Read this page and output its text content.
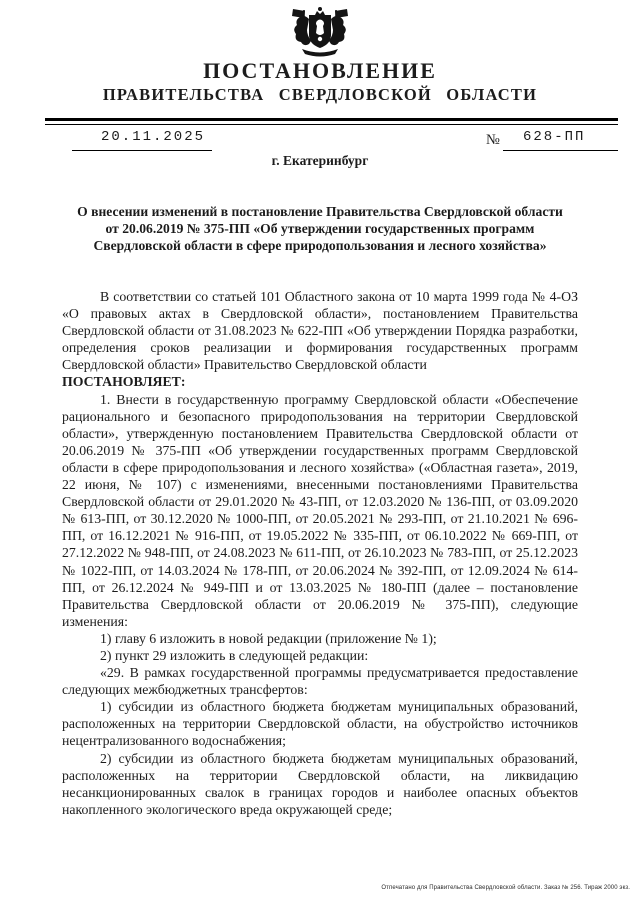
ПОСТАНОВЛЕНИЕ
ПРАВИТЕЛЬСТВА СВЕРДЛОВСКОЙ ОБЛАСТИ
20.11.2025	№ 628-ПП
г. Екатеринбург
О внесении изменений в постановление Правительства Свердловской области
от 20.06.2019 № 375-ПП «Об утверждении государственных программ
Свердловской области в сфере природопользования и лесного хозяйства»

В соответствии со статьей 101 Областного закона от 10 марта 1999 года № 4-ОЗ «О правовых актах в Свердловской области», постановлением Правительства Свердловской области от 31.08.2023 № 622-ПП «Об утверждении Порядка разработки, определения сроков реализации и формирования государственных программ Свердловской области» Правительство Свердловской области

ПОСТАНОВЛЯЕТ:

1. Внести в государственную программу Свердловской области «Обеспечение рационального и безопасного природопользования на территории Свердловской области», утвержденную постановлением Правительства Свердловской области от 20.06.2019 № 375-ПП «Об утверждении государственных программ Свердловской области в сфере природопользования и лесного хозяйства» («Областная газета», 2019, 22 июня, № 107) с изменениями, внесенными постановлениями Правительства Свердловской области от 29.01.2020 № 43-ПП, от 12.03.2020 № 136-ПП, от 03.09.2020 № 613-ПП, от 30.12.2020 № 1000-ПП, от 20.05.2021 № 293-ПП, от 21.10.2021 № 696-ПП, от 16.12.2021 № 916-ПП, от 19.05.2022 № 335-ПП, от 06.10.2022 № 669-ПП, от 27.12.2022 № 948-ПП, от 24.08.2023 № 611-ПП, от 26.10.2023 № 783-ПП, от 25.12.2023 № 1022-ПП, от 14.03.2024 № 178-ПП, от 20.06.2024 № 392-ПП, от 12.09.2024 № 614-ПП, от 26.12.2024 № 949-ПП и от 13.03.2025 № 180-ПП (далее – постановление Правительства Свердловской области от 20.06.2019 № 375-ПП), следующие изменения:

1) главу 6 изложить в новой редакции (приложение № 1);

2) пункт 29 изложить в следующей редакции:

«29. В рамках государственной программы предусматривается предоставление следующих межбюджетных трансфертов:

1) субсидии из областного бюджета бюджетам муниципальных образований, расположенных на территории Свердловской области, на обустройство источников нецентрализованного водоснабжения;

2) субсидии из областного бюджета бюджетам муниципальных образований, расположенных на территории Свердловской области, на ликвидацию несанкционированных свалок в границах городов и наиболее опасных объектов накопленного экологического вреда окружающей среде;

Отпечатано для Правительства Свердловской области. Заказ № 256. Тираж 2000 экз.
